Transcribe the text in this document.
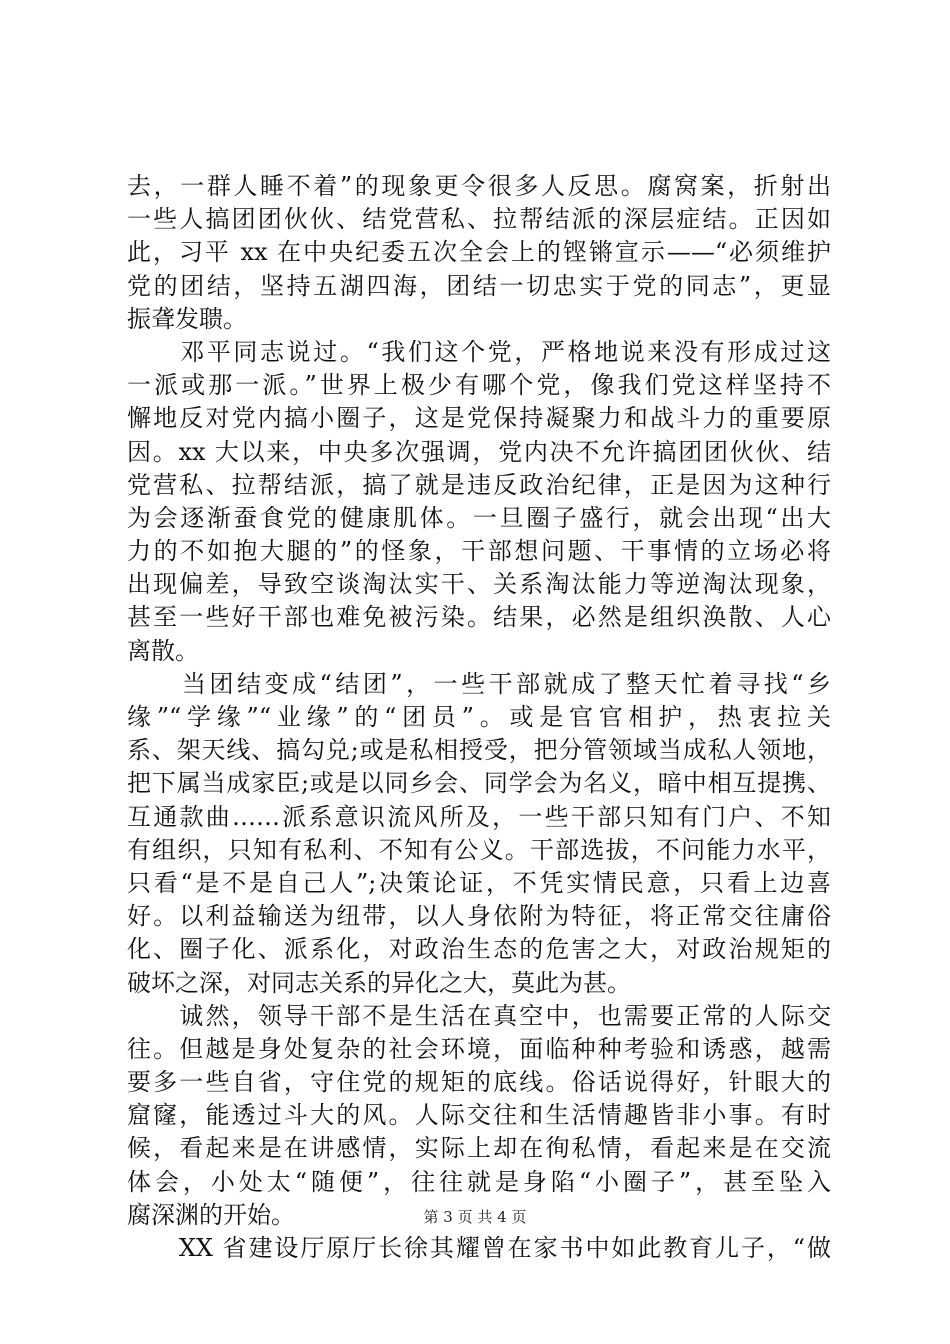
去，一群人睡不着”的现象更令很多人反思。腐窝案，折射出
一些人搞团团伙伙、结党营私、拉帮结派的深层症结。正因如
此，习平 xx 在中央纪委五次全会上的铿锵宣示——“必须维护
党的团结，坚持五湖四海，团结一切忠实于党的同志”，更显
振聋发聩。
　　邓平同志说过。“我们这个党，严格地说来没有形成过这
一派或那一派。”世界上极少有哪个党，像我们党这样坚持不
懈地反对党内搞小圈子，这是党保持凝聚力和战斗力的重要原
因。xx 大以来，中央多次强调，党内决不允许搞团团伙伙、结
党营私、拉帮结派，搞了就是违反政治纪律，正是因为这种行
为会逐渐蚕食党的健康肌体。一旦圈子盛行，就会出现“出大
力的不如抱大腿的”的怪象，干部想问题、干事情的立场必将
出现偏差，导致空谈淘汰实干、关系淘汰能力等逆淘汰现象，
甚至一些好干部也难免被污染。结果，必然是组织涣散、人心
离散。
　　当团结变成“结团”，一些干部就成了整天忙着寻找“乡
缘”“学缘”“业缘”的“团员”。或是官官相护，热衷拉关
系、架天线、搞勾兑;或是私相授受，把分管领域当成私人领地，
把下属当成家臣;或是以同乡会、同学会为名义，暗中相互提携、
互通款曲……派系意识流风所及，一些干部只知有门户、不知
有组织，只知有私利、不知有公义。干部选拔，不问能力水平，
只看“是不是自己人”;决策论证，不凭实情民意，只看上边喜
好。以利益输送为纽带，以人身依附为特征，将正常交往庸俗
化、圈子化、派系化，对政治生态的危害之大，对政治规矩的
破坏之深，对同志关系的异化之大，莫此为甚。
　　诚然，领导干部不是生活在真空中，也需要正常的人际交
往。但越是身处复杂的社会环境，面临种种考验和诱惑，越需
要多一些自省，守住党的规矩的底线。俗话说得好，针眼大的
窟窿，能透过斗大的风。人际交往和生活情趣皆非小事。有时
候，看起来是在讲感情，实际上却在徇私情，看起来是在交流
体会，小处太“随便”，往往就是身陷“小圈子”，甚至坠入
腐深渊的开始。
　　XX 省建设厅原厅长徐其耀曾在家书中如此教育儿子，“做
第 3 页 共 4 页
